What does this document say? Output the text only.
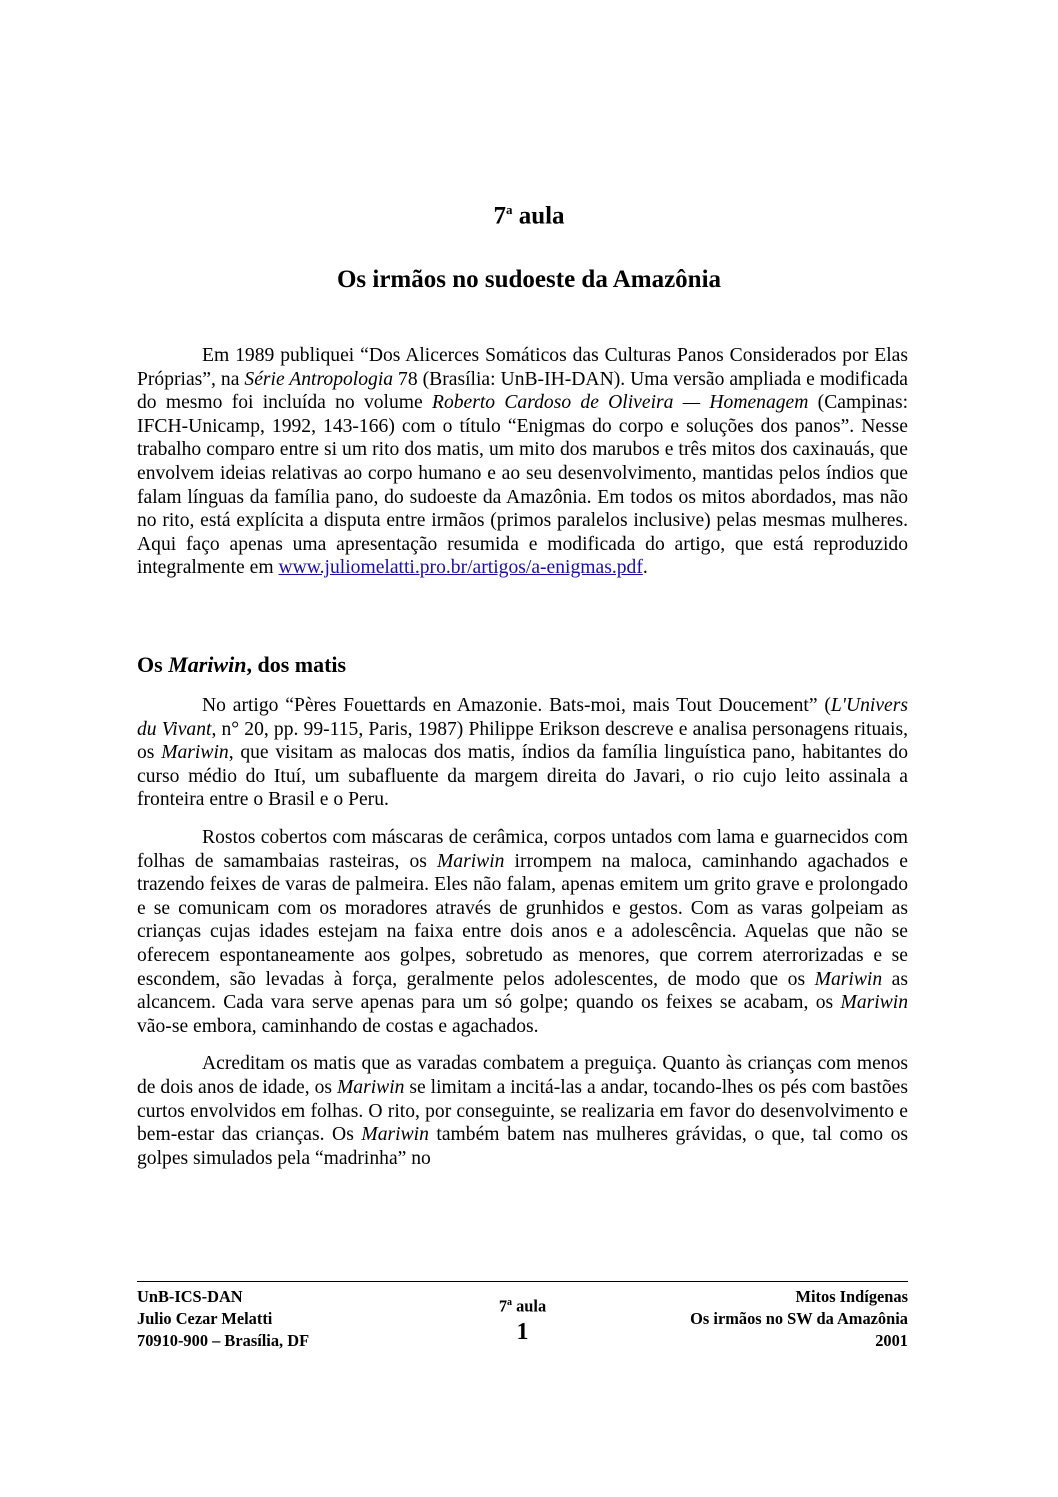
7$^a$ aula
Os irmãos no sudoeste da Amazônia

Em 1989 publiquei “Dos Alicerces Somáticos das Culturas Panos Considerados por Elas Próprias”, na Série Antropologia 78 (Brasília: UnB-IH-DAN). Uma versão ampliada e modificada do mesmo foi incluída no volume Roberto Cardoso de Oliveira — Homenagem (Campinas: IFCH-Unicamp, 1992, 143-166) com o título “Enigmas do corpo e soluções dos panos”. Nesse trabalho comparo entre si um rito dos matis, um mito dos marubos e três mitos dos caxinauás, que envolvem ideias relativas ao corpo humano e ao seu desenvolvimento, mantidas pelos índios que falam línguas da família pano, do sudoeste da Amazônia. Em todos os mitos abordados, mas não no rito, está explícita a disputa entre irmãos (primos paralelos inclusive) pelas mesmas mulheres. Aqui faço apenas uma apresentação resumida e modificada do artigo, que está reproduzido integralmente em www.juliomelatti.pro.br/artigos/a-enigmas.pdf.

Os Mariwin, dos matis

No artigo “Pères Fouettards en Amazonie. Bats-moi, mais Tout Doucement” (L'Univers du Vivant, n° 20, pp. 99-115, Paris, 1987) Philippe Erikson descreve e analisa personagens rituais, os Mariwin, que visitam as malocas dos matis, índios da família linguística pano, habitantes do curso médio do Ituí, um subafluente da margem direita do Javari, o rio cujo leito assinala a fronteira entre o Brasil e o Peru.

Rostos cobertos com máscaras de cerâmica, corpos untados com lama e guarnecidos com folhas de samambaias rasteiras, os Mariwin irrompem na maloca, caminhando agachados e trazendo feixes de varas de palmeira. Eles não falam, apenas emitem um grito grave e prolongado e se comunicam com os moradores através de grunhidos e gestos. Com as varas golpeiam as crianças cujas idades estejam na faixa entre dois anos e a adolescência. Aquelas que não se oferecem espontaneamente aos golpes, sobretudo as menores, que correm aterrorizadas e se escondem, são levadas à força, geralmente pelos adolescentes, de modo que os Mariwin as alcancem. Cada vara serve apenas para um só golpe; quando os feixes se acabam, os Mariwin vão-se embora, caminhando de costas e agachados.

Acreditam os matis que as varadas combatem a preguiça. Quanto às crianças com menos de dois anos de idade, os Mariwin se limitam a incitá-las a andar, tocando-lhes os pés com bastões curtos envolvidos em folhas. O rito, por conseguinte, se realizaria em favor do desenvolvimento e bem-estar das crianças. Os Mariwin também batem nas mulheres grávidas, o que, tal como os golpes simulados pela “madrinha” no

UnB-ICS-DAN
Julio Cezar Melatti
70910-900 – Brasília, DF
7$^a$ aula
1
Mitos Indígenas
Os irmãos no SW da Amazônia
2001
